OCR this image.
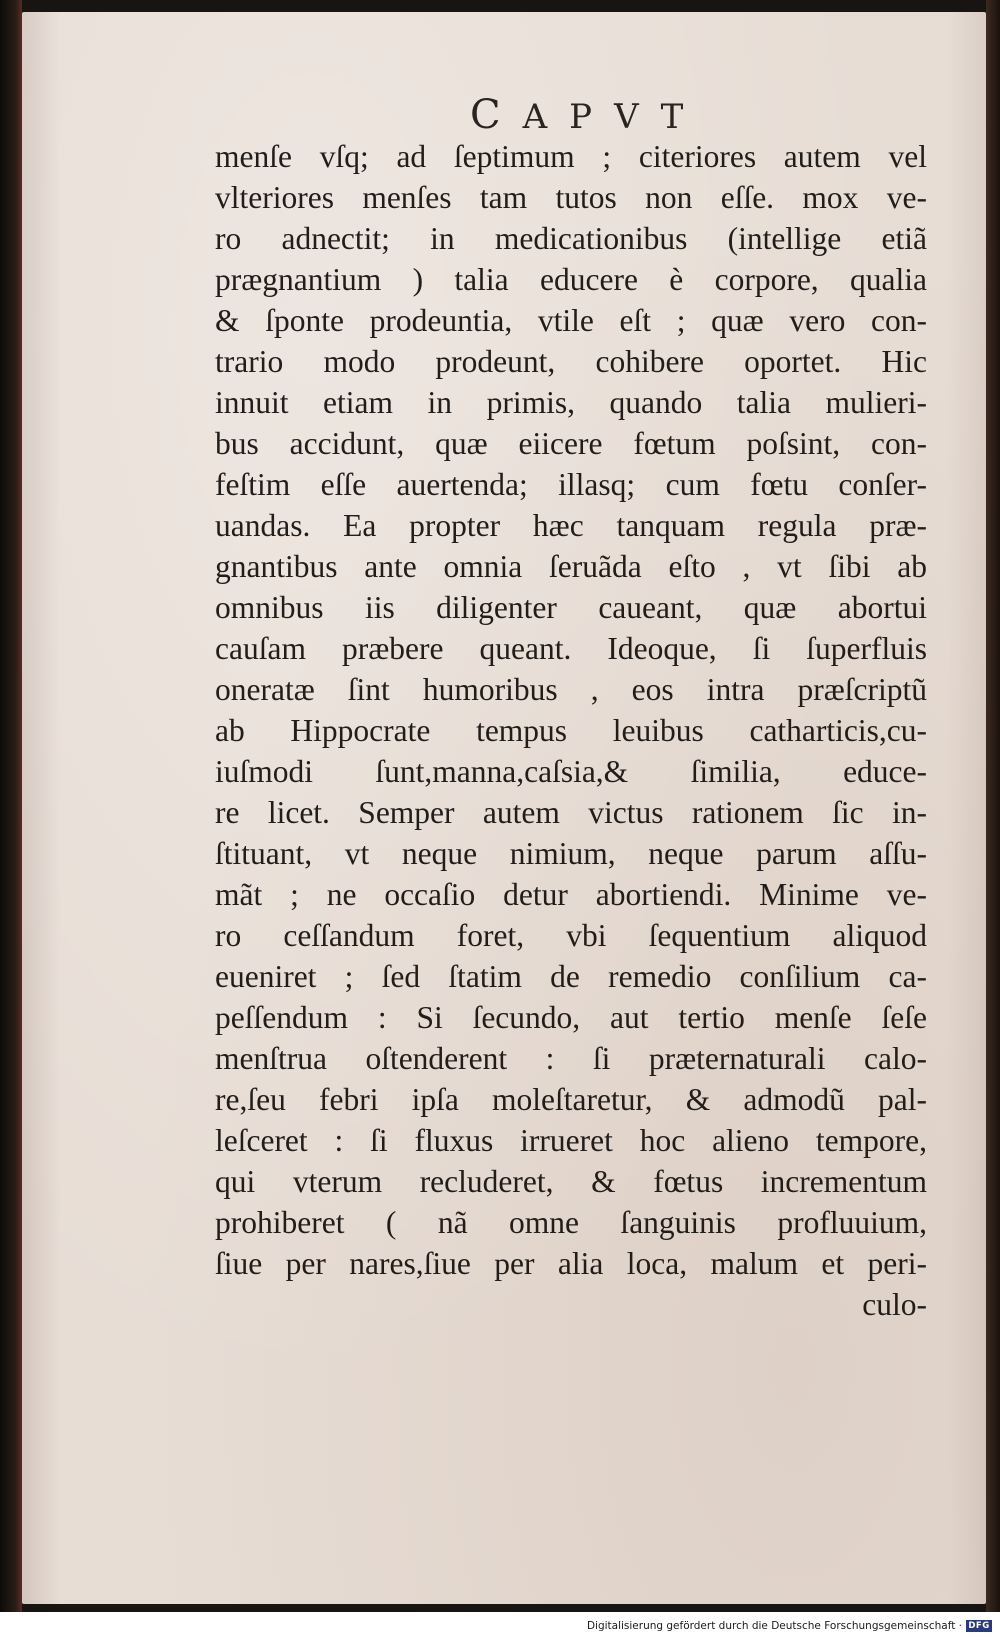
CAPVT
menſe vſq; ad ſeptimum ; citeriores autem vel
vlteriores menſes tam tutos non eſſe. mox ve-
ro adnectit; in medicationibus (intellige etiã
prægnantium ) talia educere è corpore, qualia
& ſponte prodeuntia, vtile eſt ; quæ vero con-
trario modo prodeunt, cohibere oportet. Hic
innuit etiam in primis, quando talia mulieri-
bus accidunt, quæ eiicere fœtum poſsint, con-
feſtim eſſe auertenda; illasq; cum fœtu conſer-
uandas. Ea propter hæc tanquam regula præ-
gnantibus ante omnia ſeruãda eſto , vt ſibi ab
omnibus iis diligenter caueant, quæ abortui
cauſam præbere queant. Ideoque, ſi ſuperfluis
oneratæ ſint humoribus , eos intra præſcriptũ
ab Hippocrate tempus leuibus catharticis,cu-
iuſmodi ſunt,manna,caſsia,& ſimilia, educe-
re licet. Semper autem victus rationem ſic in-
ſtituant, vt neque nimium, neque parum aſſu-
mãt ; ne occaſio detur abortiendi. Minime ve-
ro ceſſandum foret, vbi ſequentium aliquod
eueniret ; ſed ſtatim de remedio conſilium ca-
peſſendum : Si ſecundo, aut tertio menſe ſeſe
menſtrua oſtenderent : ſi præternaturali calo-
re,ſeu febri ipſa moleſtaretur, & admodũ pal-
leſceret : ſi fluxus irrueret hoc alieno tempore,
qui vterum recluderet, & fœtus incrementum
prohiberet ( nã omne ſanguinis profluuium,
ſiue per nares,ſiue per alia loca, malum et peri-
culo-
Digitalisierung gefördert durch die Deutsche Forschungsgemeinschaft · DFG
